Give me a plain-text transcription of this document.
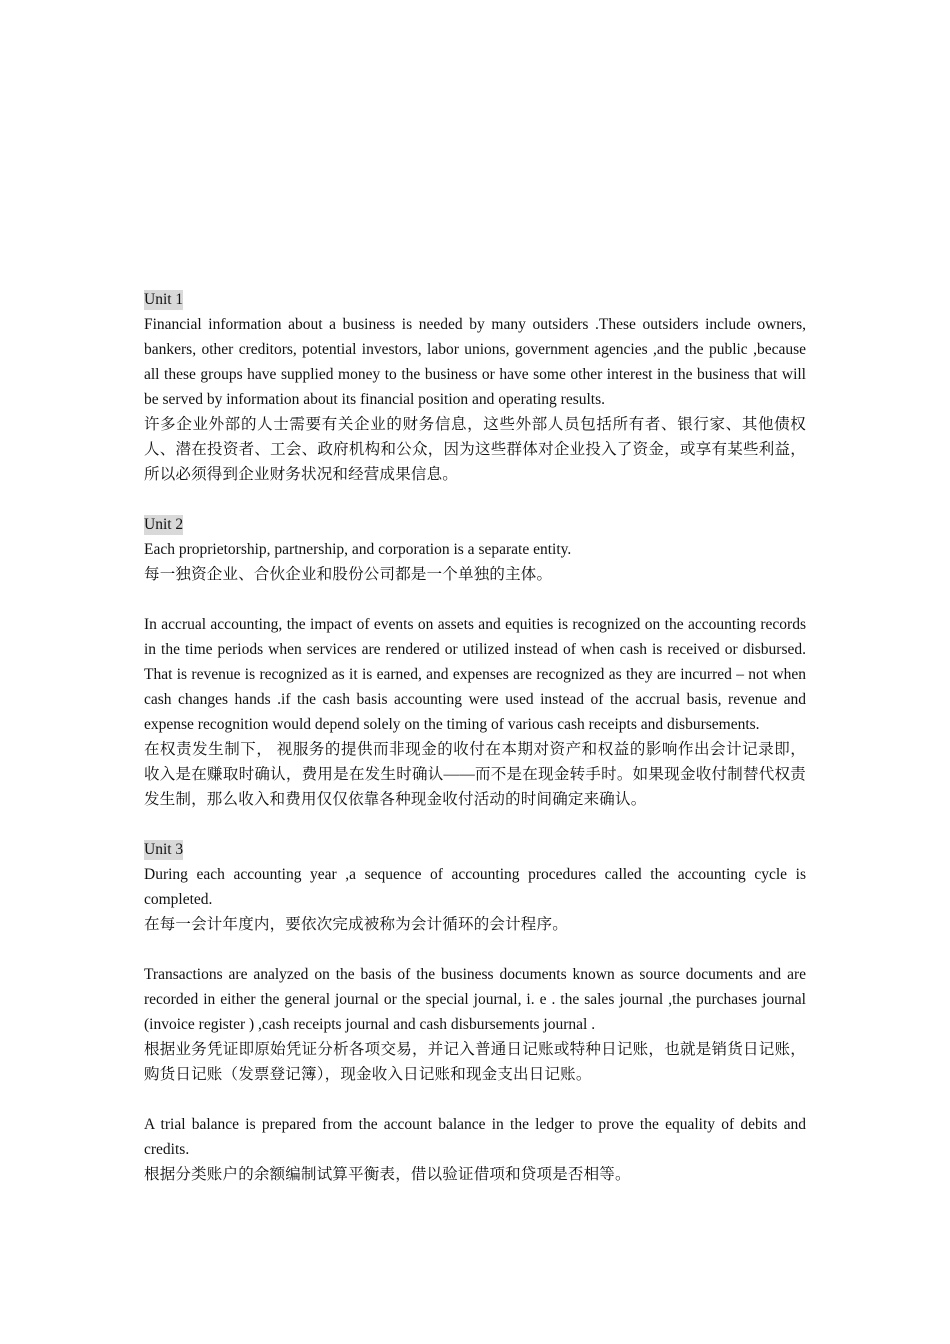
Unit 1

Financial information about a business is needed by many outsiders .These outsiders include owners, bankers, other creditors, potential investors, labor unions, government agencies ,and the public ,because all these groups have supplied money to the business or have some other interest in the business that will be served by information about its financial position and operating results.

许多企业外部的人士需要有关企业的财务信息，这些外部人员包括所有者、银行家、其他债权人、潜在投资者、工会、政府机构和公众，因为这些群体对企业投入了资金，或享有某些利益，所以必须得到企业财务状况和经营成果信息。

Unit 2

Each proprietorship, partnership, and corporation is a separate entity.

每一独资企业、合伙企业和股份公司都是一个单独的主体。

In accrual accounting, the impact of events on assets and equities is recognized on the accounting records in the time periods when services are rendered or utilized instead of when cash is received or disbursed. That is revenue is recognized as it is earned, and expenses are recognized as they are incurred – not when cash changes hands .if the cash basis accounting were used instead of the accrual basis, revenue and expense recognition would depend solely on the timing of various cash receipts and disbursements.

在权责发生制下， 视服务的提供而非现金的收付在本期对资产和权益的影响作出会计记录即，收入是在赚取时确认，费用是在发生时确认——而不是在现金转手时。如果现金收付制替代权责发生制，那么收入和费用仅仅依靠各种现金收付活动的时间确定来确认。

Unit 3

During each accounting year ,a sequence of accounting procedures called the accounting cycle is completed.

在每一会计年度内，要依次完成被称为会计循环的会计程序。

Transactions are analyzed on the basis of the business documents known as source documents and are recorded in either the general journal or the special journal, i. e . the sales journal ,the purchases journal (invoice register ) ,cash receipts journal and cash disbursements journal .

根据业务凭证即原始凭证分析各项交易，并记入普通日记账或特种日记账，也就是销货日记账，购货日记账（发票登记簿），现金收入日记账和现金支出日记账。

A trial balance is prepared from the account balance in the ledger to prove the equality of debits and credits.

根据分类账户的余额编制试算平衡表，借以验证借项和贷项是否相等。
